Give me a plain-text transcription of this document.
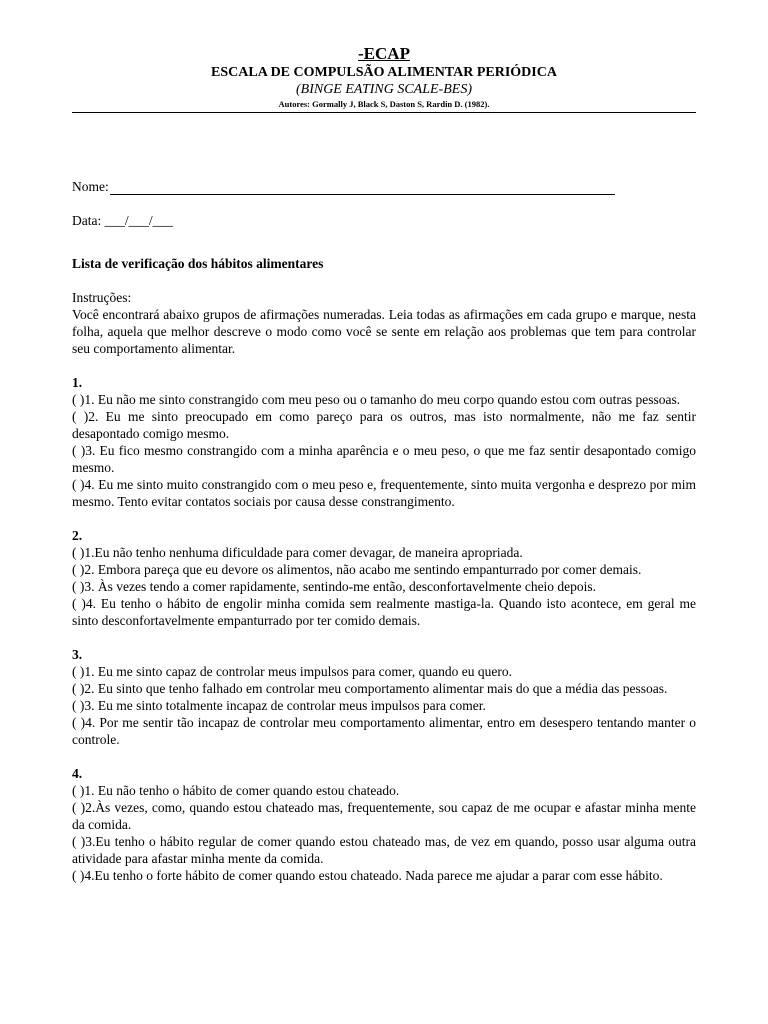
-ECAP
ESCALA DE COMPULSÃO ALIMENTAR PERIÓDICA
(BINGE EATING SCALE-BES)
Autores: Gormally J, Black S, Daston S, Rardin D. (1982).
Nome:
Data: ___/___/___
Lista de verificação dos hábitos alimentares
Instruções:
Você encontrará abaixo grupos de afirmações numeradas. Leia todas as afirmações em cada grupo e marque, nesta folha, aquela que melhor descreve o modo como você se sente em relação aos problemas que tem para controlar seu comportamento alimentar.
1.
( )1. Eu não me sinto constrangido com meu peso ou o tamanho do meu corpo quando estou com outras pessoas.
( )2. Eu me sinto preocupado em como pareço para os outros, mas isto normalmente, não me faz sentir desapontado comigo mesmo.
( )3. Eu fico mesmo constrangido com a minha aparência e o meu peso, o que me faz sentir desapontado comigo mesmo.
( )4. Eu me sinto muito constrangido com o meu peso e, frequentemente, sinto muita vergonha e desprezo por mim mesmo. Tento evitar contatos sociais por causa desse constrangimento.
2.
( )1.Eu não tenho nenhuma dificuldade para comer devagar, de maneira apropriada.
( )2. Embora pareça que eu devore os alimentos, não acabo me sentindo empanturrado por comer demais.
( )3. Às vezes tendo a comer rapidamente, sentindo-me então, desconfortavelmente cheio depois.
( )4. Eu tenho o hábito de engolir minha comida sem realmente mastiga-la. Quando isto acontece, em geral me sinto desconfortavelmente empanturrado por ter comido demais.
3.
( )1. Eu me sinto capaz de controlar meus impulsos para comer, quando eu quero.
( )2. Eu sinto que tenho falhado em controlar meu comportamento alimentar mais do que a média das pessoas.
( )3. Eu me sinto totalmente incapaz de controlar meus impulsos para comer.
( )4. Por me sentir tão incapaz de controlar meu comportamento alimentar, entro em desespero tentando manter o controle.
4.
( )1. Eu não tenho o hábito de comer quando estou chateado.
( )2.Às vezes, como, quando estou chateado mas, frequentemente, sou capaz de me ocupar e afastar minha mente da comida.
( )3.Eu tenho o hábito regular de comer quando estou chateado mas, de vez em quando, posso usar alguma outra atividade para afastar minha mente da comida.
( )4.Eu tenho o forte hábito de comer quando estou chateado. Nada parece me ajudar a parar com esse hábito.
